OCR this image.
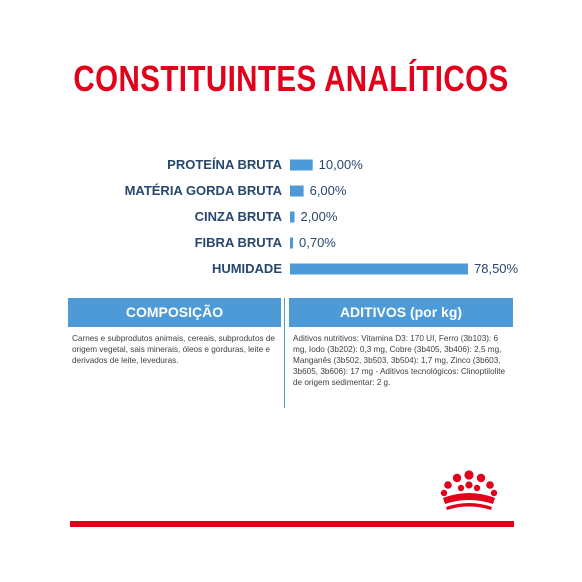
CONSTITUINTES ANALÍTICOS
PROTEÍNA BRUTA	10,00%
MATÉRIA GORDA BRUTA 6,00%
CINZA BRUTA 2,00%
FIBRA BRUTA 0,70%
HUMIDADE	78,50%
COMPOSIÇÃO
Carnes e subprodutos animais, cereais, subprodutos de origem vegetal, sais minerais, óleos e gorduras, leite e derivados de leite, leveduras.
ADITIVOS (por kg)
Aditivos nutritivos: Vitamina D3: 170 UI, Ferro (3b103): 6 mg, Iodo (3b202): 0,3 mg, Cobre (3b405, 3b406): 2,5 mg, Manganês (3b502, 3b503, 3b504): 1,7 mg, Zinco (3b603, 3b605, 3b606): 17 mg - Aditivos tecnológicos: Clinoptilolite de origem sedimentar: 2 g.
